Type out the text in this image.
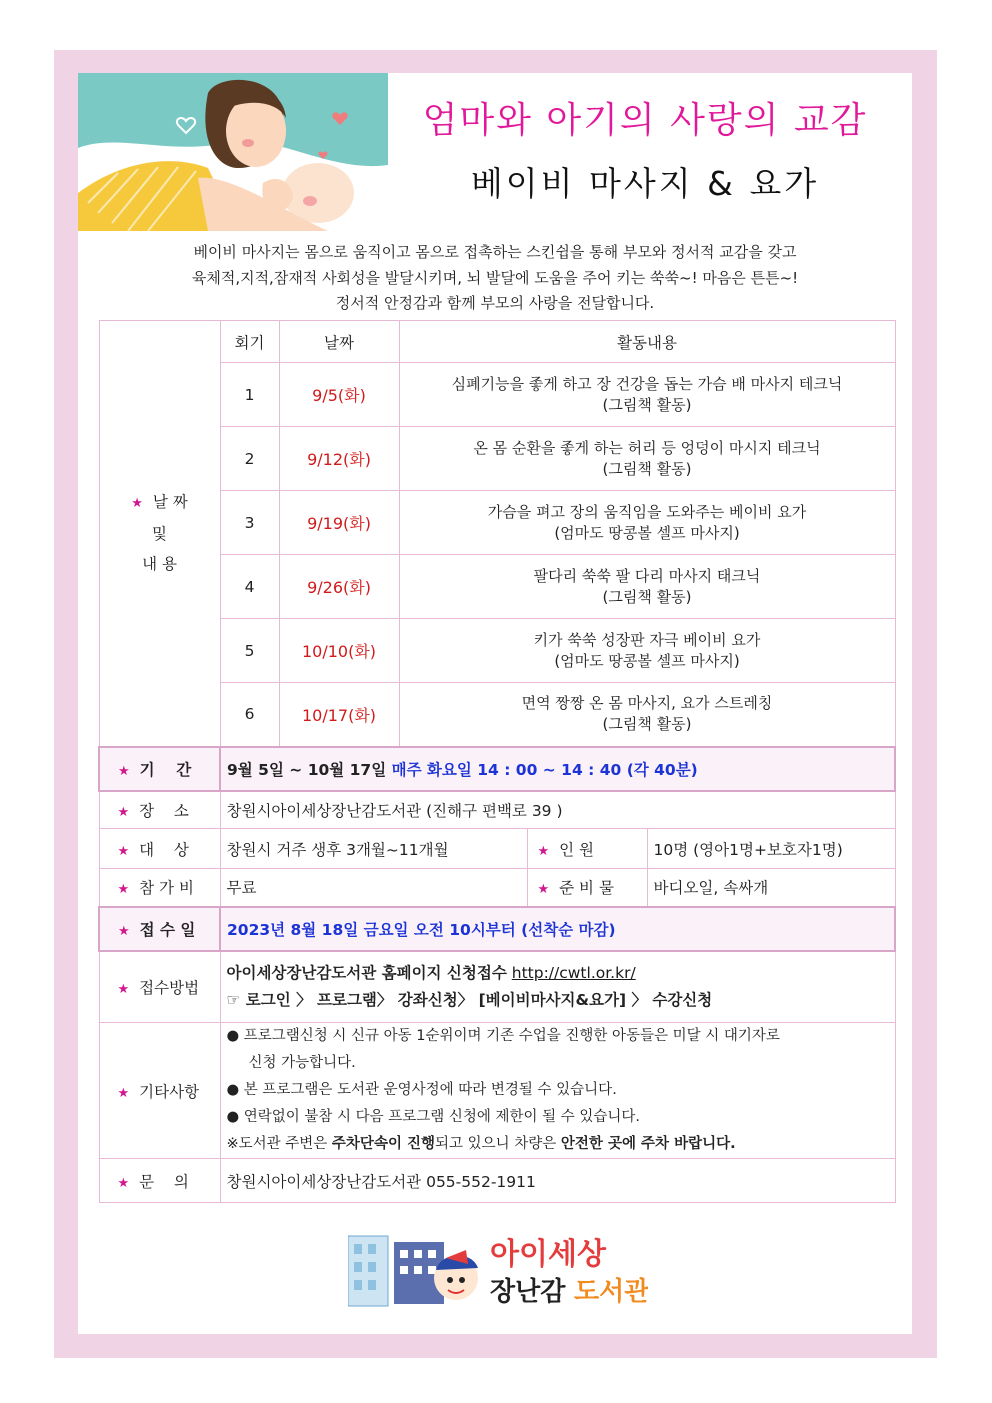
엄마와 아기의 사랑의 교감
베이비 마사지 & 요가
베이비 마사지는 몸으로 움직이고 몸으로 접촉하는 스킨쉽을 통해 부모와 정서적 교감을 갖고
육체적,지적,잠재적 사회성을 발달시키며, 뇌 발달에 도움을 주어 키는 쑥쑥~! 마음은 튼튼~!
정서적 안정감과 함께 부모의 사랑을 전달합니다.
★ 날 짜
및
내 용	회기	날짜	활동내용		
	1	9/5(화)	심폐기능을 좋게 하고 장 건강을 돕는 가슴 배 마사지 테크닉
(그림책 활동)		

	2	9/12(화)	온 몸 순환을 좋게 하는 허리 등 엉덩이 마시지 테크닉
(그림책 활동)		

	3	9/19(화)	가슴을 펴고 장의 움직임을 도와주는 베이비 요가
(엄마도 땅콩볼 셀프 마사지)		

	4	9/26(화)	팔다리 쑥쑥 팔 다리 마사지 태크닉
(그림책 활동)		

	5	10/10(화)	키가 쑥쑥 성장판 자극 베이비 요가
(엄마도 땅콩볼 셀프 마사지)		

	6	10/17(화)	면역 짱짱 온 몸 마사지, 요가 스트레칭
(그림책 활동)		

★ 기    간	9월 5일 ~ 10월 17일 매주 화요일 14 : 00 ~ 14 : 40 (각 40분)				
★ 장    소	창원시아이세상장난감도서관 (진해구 편백로 39 )				
★ 대    상	창원시 거주 생후 3개월~11개월			★ 인 원	10명 (영아1명+보호자1명)
★ 참 가 비	무료			★ 준 비 물	바디오일, 속싸개
★ 접 수 일	2023년 8월 18일 금요일 오전 10시부터 (선착순 마감)				
★ 접수방법	아이세상장난감도서관 홈페이지 신청접수 http://cwtl.or.kr/
☞ 로그인 〉 프로그램〉 강좌신청〉 [베이비마사지&요가] 〉 수강신청				

★ 기타사항	● 프로그램신청 시 신규 아동 1순위이며 기존 수업을 진행한 아동들은 미달 시 대기자로
신청 가능합니다.
● 본 프로그램은 도서관 운영사정에 따라 변경될 수 있습니다.
● 연락없이 불참 시 다음 프로그램 신청에 제한이 될 수 있습니다.
※도서관 주변은 주차단속이 진행되고 있으니 차량은 안전한 곳에 주차 바랍니다.				

★ 문    의	창원시아이세상장난감도서관 055-552-1911				
아이세상
장난감 도서관
